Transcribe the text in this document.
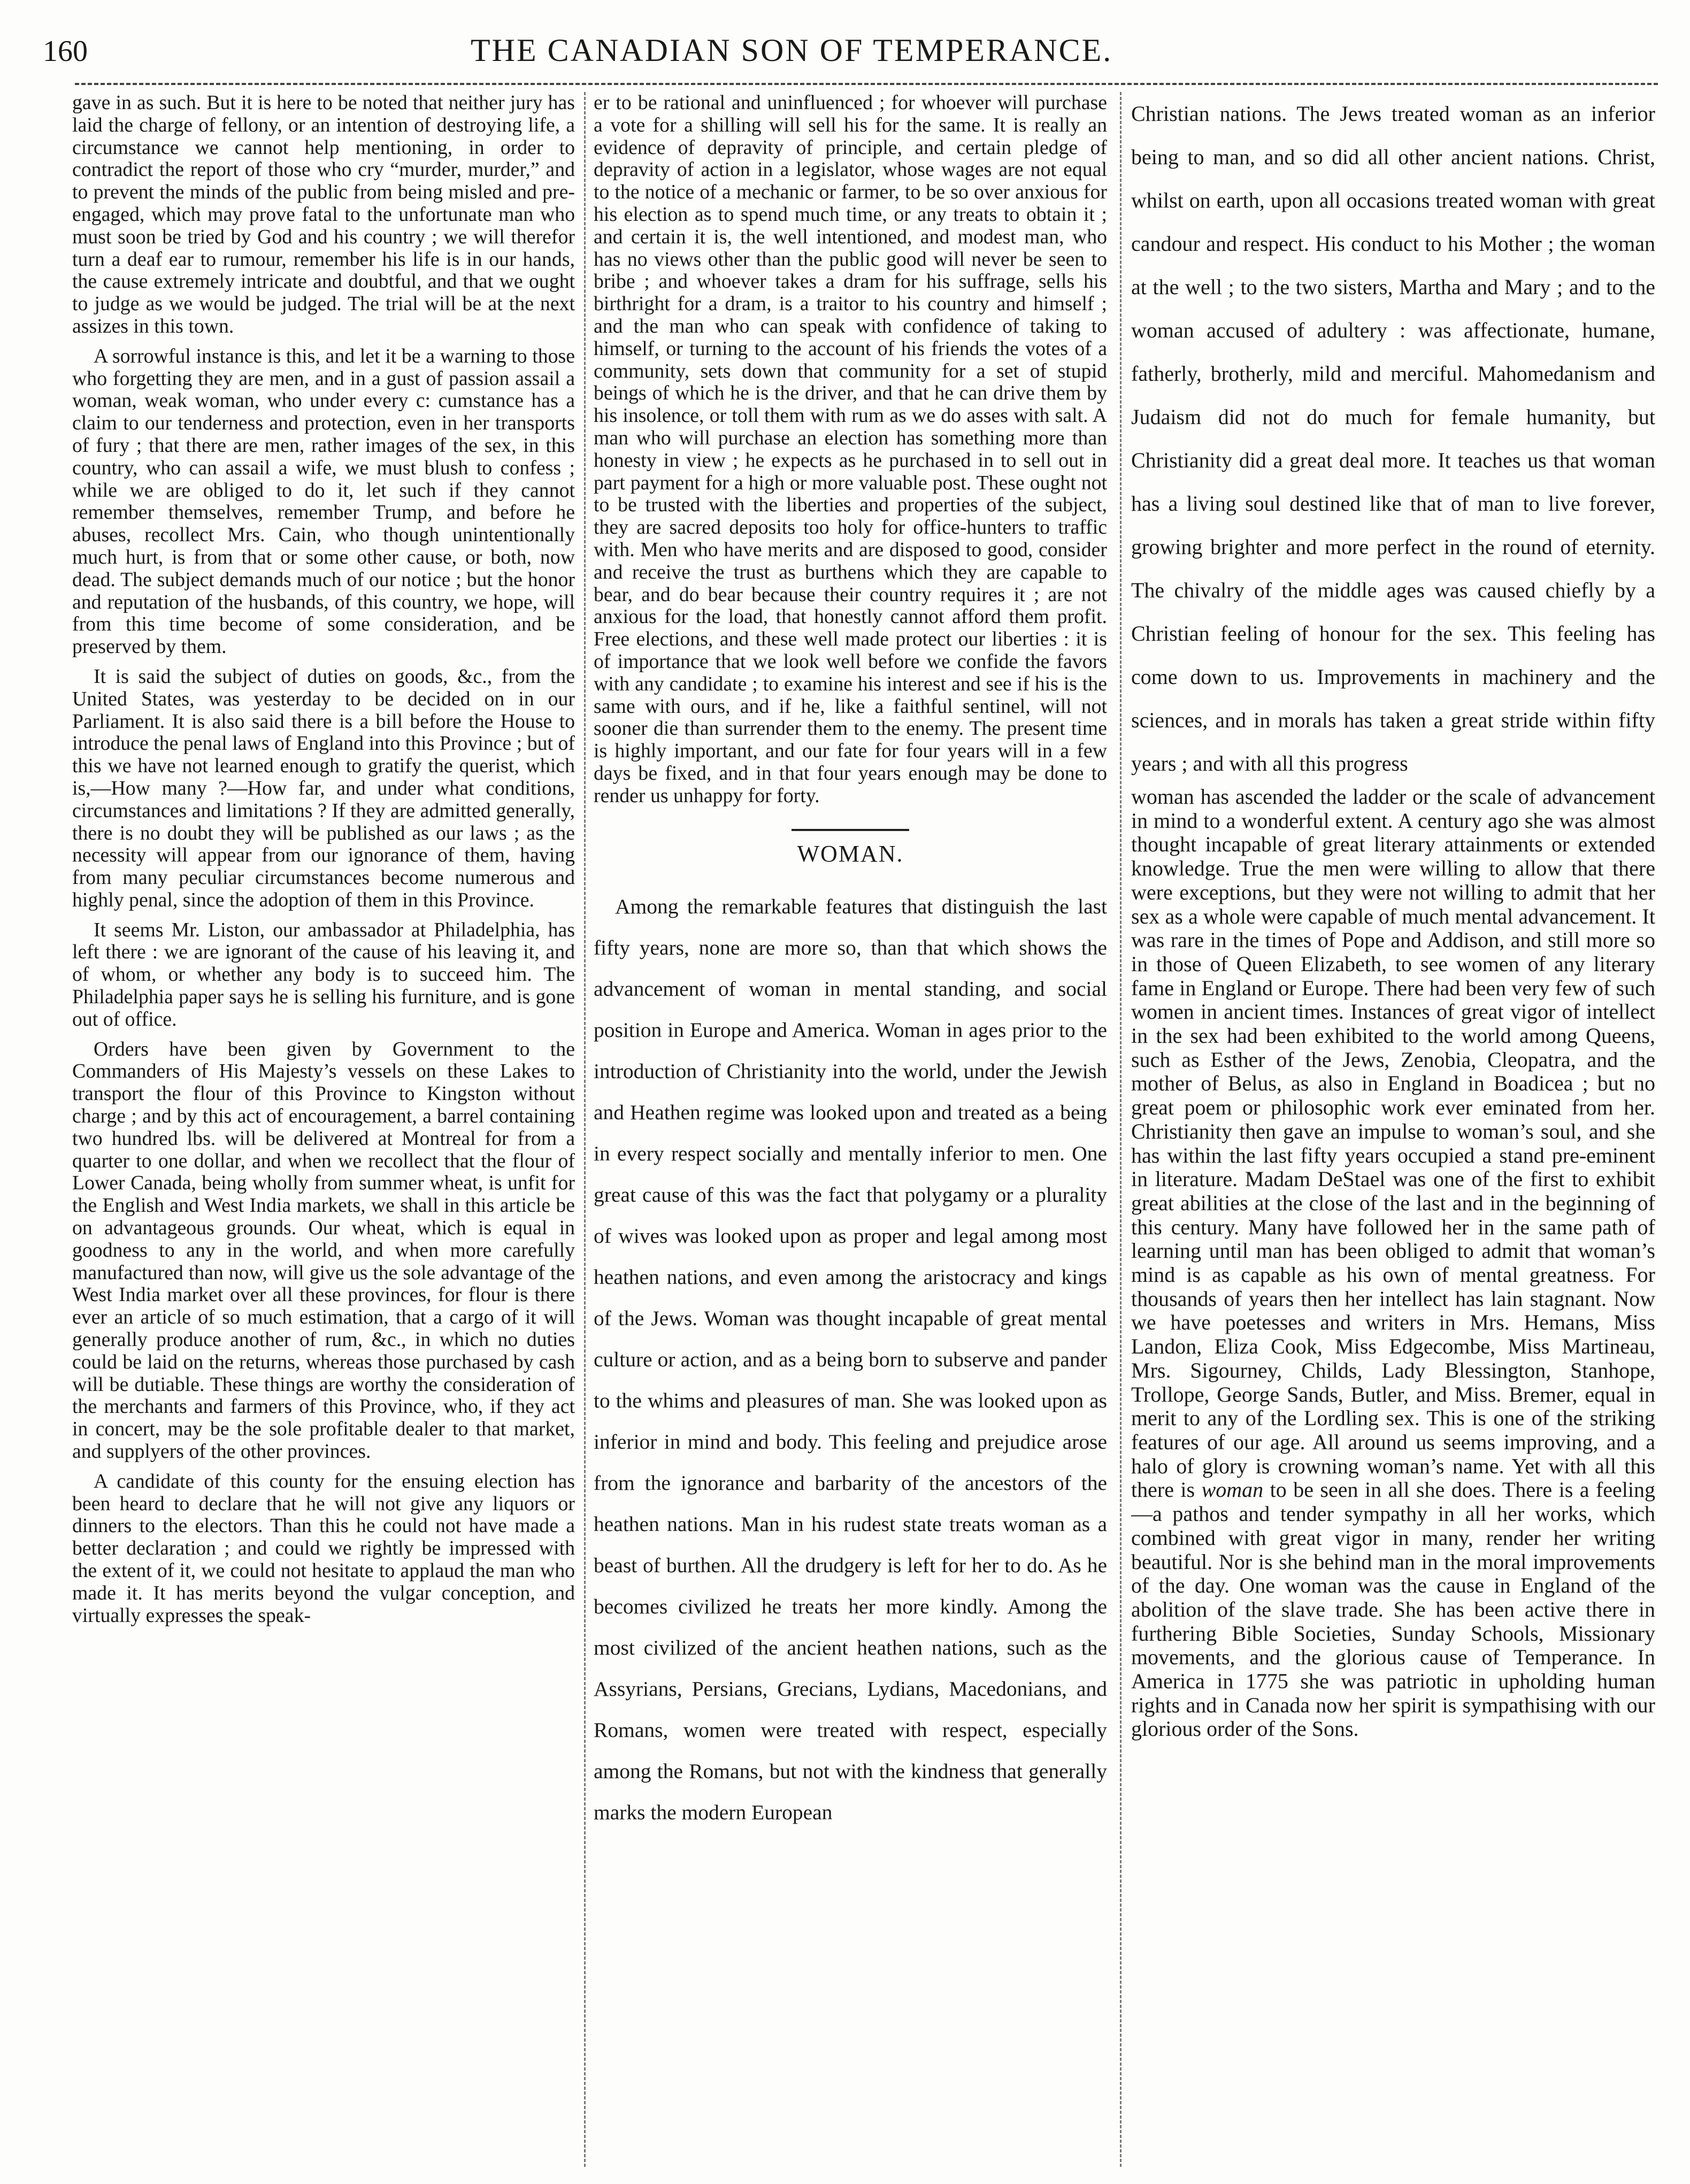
160	THE CANADIAN SON OF TEMPERANCE.

gave in as such. But it is here to be noted that neither jury has laid the charge of fellony, or an intention of destroying life, a circumstance we cannot help mentioning, in order to contradict the report of those who cry “murder, murder,” and to prevent the minds of the public from being misled and pre-engaged, which may prove fatal to the unfortunate man who must soon be tried by God and his country ; we will therefor turn a deaf ear to rumour, remember his life is in our hands, the cause extremely intricate and doubtful, and that we ought to judge as we would be judged. The trial will be at the next assizes in this town.

A sorrowful instance is this, and let it be a warning to those who forgetting they are men, and in a gust of passion assail a woman, weak woman, who under every c: cumstance has a claim to our tenderness and protection, even in her transports of fury ; that there are men, rather images of the sex, in this country, who can assail a wife, we must blush to confess ; while we are obliged to do it, let such if they cannot remember themselves, remember Trump, and before he abuses, recollect Mrs. Cain, who though unintentionally much hurt, is from that or some other cause, or both, now dead. The subject demands much of our notice ; but the honor and reputation of the husbands, of this country, we hope, will from this time become of some consideration, and be preserved by them.

It is said the subject of duties on goods, &c., from the United States, was yesterday to be decided on in our Parliament. It is also said there is a bill before the House to introduce the penal laws of England into this Province ; but of this we have not learned enough to gratify the querist, which is,—How many ?—How far, and under what conditions, circumstances and limitations ? If they are admitted generally, there is no doubt they will be published as our laws ; as the necessity will appear from our ignorance of them, having from many peculiar circumstances become numerous and highly penal, since the adoption of them in this Province.

It seems Mr. Liston, our ambassador at Philadelphia, has left there : we are ignorant of the cause of his leaving it, and of whom, or whether any body is to succeed him. The Philadelphia paper says he is selling his furniture, and is gone out of office.

Orders have been given by Government to the Commanders of His Majesty’s vessels on these Lakes to transport the flour of this Province to Kingston without charge ; and by this act of encouragement, a barrel containing two hundred lbs. will be delivered at Montreal for from a quarter to one dollar, and when we recollect that the flour of Lower Canada, being wholly from summer wheat, is unfit for the English and West India markets, we shall in this article be on advantageous grounds. Our wheat, which is equal in goodness to any in the world, and when more carefully manufactured than now, will give us the sole advantage of the West India market over all these provinces, for flour is there ever an article of so much estimation, that a cargo of it will generally produce another of rum, &c., in which no duties could be laid on the returns, whereas those purchased by cash will be dutiable. These things are worthy the consideration of the merchants and farmers of this Province, who, if they act in concert, may be the sole profitable dealer to that market, and supplyers of the other provinces.

A candidate of this county for the ensuing election has been heard to declare that he will not give any liquors or dinners to the electors. Than this he could not have made a better declaration ; and could we rightly be impressed with the extent of it, we could not hesitate to applaud the man who made it. It has merits beyond the vulgar conception, and virtually expresses the speak-

er to be rational and uninfluenced ; for whoever will purchase a vote for a shilling will sell his for the same. It is really an evidence of depravity of principle, and certain pledge of depravity of action in a legislator, whose wages are not equal to the notice of a mechanic or farmer, to be so over anxious for his election as to spend much time, or any treats to obtain it ; and certain it is, the well intentioned, and modest man, who has no views other than the public good will never be seen to bribe ; and whoever takes a dram for his suffrage, sells his birthright for a dram, is a traitor to his country and himself ; and the man who can speak with confidence of taking to himself, or turning to the account of his friends the votes of a community, sets down that community for a set of stupid beings of which he is the driver, and that he can drive them by his insolence, or toll them with rum as we do asses with salt. A man who will purchase an election has something more than honesty in view ; he expects as he purchased in to sell out in part payment for a high or more valuable post. These ought not to be trusted with the liberties and properties of the subject, they are sacred deposits too holy for office-hunters to traffic with. Men who have merits and are disposed to good, consider and receive the trust as burthens which they are capable to bear, and do bear because their country requires it ; are not anxious for the load, that honestly cannot afford them profit. Free elections, and these well made protect our liberties : it is of importance that we look well before we confide the favors with any candidate ; to examine his interest and see if his is the same with ours, and if he, like a faithful sentinel, will not sooner die than surrender them to the enemy. The present time is highly important, and our fate for four years will in a few days be fixed, and in that four years enough may be done to render us unhappy for forty.

WOMAN.

Among the remarkable features that distinguish the last fifty years, none are more so, than that which shows the advancement of woman in mental standing, and social position in Europe and America. Woman in ages prior to the introduction of Christianity into the world, under the Jewish and Heathen regime was looked upon and treated as a being in every respect socially and mentally inferior to men. One great cause of this was the fact that polygamy or a plurality of wives was looked upon as proper and legal among most heathen nations, and even among the aristocracy and kings of the Jews. Woman was thought incapable of great mental culture or action, and as a being born to subserve and pander to the whims and pleasures of man. She was looked upon as inferior in mind and body. This feeling and prejudice arose from the ignorance and barbarity of the ancestors of the heathen nations. Man in his rudest state treats woman as a beast of burthen. All the drudgery is left for her to do. As he becomes civilized he treats her more kindly. Among the most civilized of the ancient heathen nations, such as the Assyrians, Persians, Grecians, Lydians, Macedonians, and Romans, women were treated with respect, especially among the Romans, but not with the kindness that generally marks the modern European

Christian nations. The Jews treated woman as an inferior being to man, and so did all other ancient nations. Christ, whilst on earth, upon all occasions treated woman with great candour and respect. His conduct to his Mother ; the woman at the well ; to the two sisters, Martha and Mary ; and to the woman accused of adultery : was affectionate, humane, fatherly, brotherly, mild and merciful. Mahomedanism and Judaism did not do much for female humanity, but Christianity did a great deal more. It teaches us that woman has a living soul destined like that of man to live forever, growing brighter and more perfect in the round of eternity. The chivalry of the middle ages was caused chiefly by a Christian feeling of honour for the sex. This feeling has come down to us. Improvements in machinery and the sciences, and in morals has taken a great stride within fifty years ; and with all this progress

woman has ascended the ladder or the scale of advancement in mind to a wonderful extent. A century ago she was almost thought incapable of great literary attainments or extended knowledge. True the men were willing to allow that there were exceptions, but they were not willing to admit that her sex as a whole were capable of much mental advancement. It was rare in the times of Pope and Addison, and still more so in those of Queen Elizabeth, to see women of any literary fame in England or Europe. There had been very few of such women in ancient times. Instances of great vigor of intellect in the sex had been exhibited to the world among Queens, such as Esther of the Jews, Zenobia, Cleopatra, and the mother of Belus, as also in England in Boadicea ; but no great poem or philosophic work ever eminated from her. Christianity then gave an impulse to woman’s soul, and she has within the last fifty years occupied a stand pre-eminent in literature. Madam DeStael was one of the first to exhibit great abilities at the close of the last and in the beginning of this century. Many have followed her in the same path of learning until man has been obliged to admit that woman’s mind is as capable as his own of mental greatness. For thousands of years then her intellect has lain stagnant. Now we have poetesses and writers in Mrs. Hemans, Miss Landon, Eliza Cook, Miss Edgecombe, Miss Martineau, Mrs. Sigourney, Childs, Lady Blessington, Stanhope, Trollope, George Sands, Butler, and Miss. Bremer, equal in merit to any of the Lordling sex. This is one of the striking features of our age. All around us seems improving, and a halo of glory is crowning woman’s name. Yet with all this there is woman to be seen in all she does. There is a feeling—a pathos and tender sympathy in all her works, which combined with great vigor in many, render her writing beautiful. Nor is she behind man in the moral improvements of the day. One woman was the cause in England of the abolition of the slave trade. She has been active there in furthering Bible Societies, Sunday Schools, Missionary movements, and the glorious cause of Temperance. In America in 1775 she was patriotic in upholding human rights and in Canada now her spirit is sympathising with our glorious order of the Sons.
